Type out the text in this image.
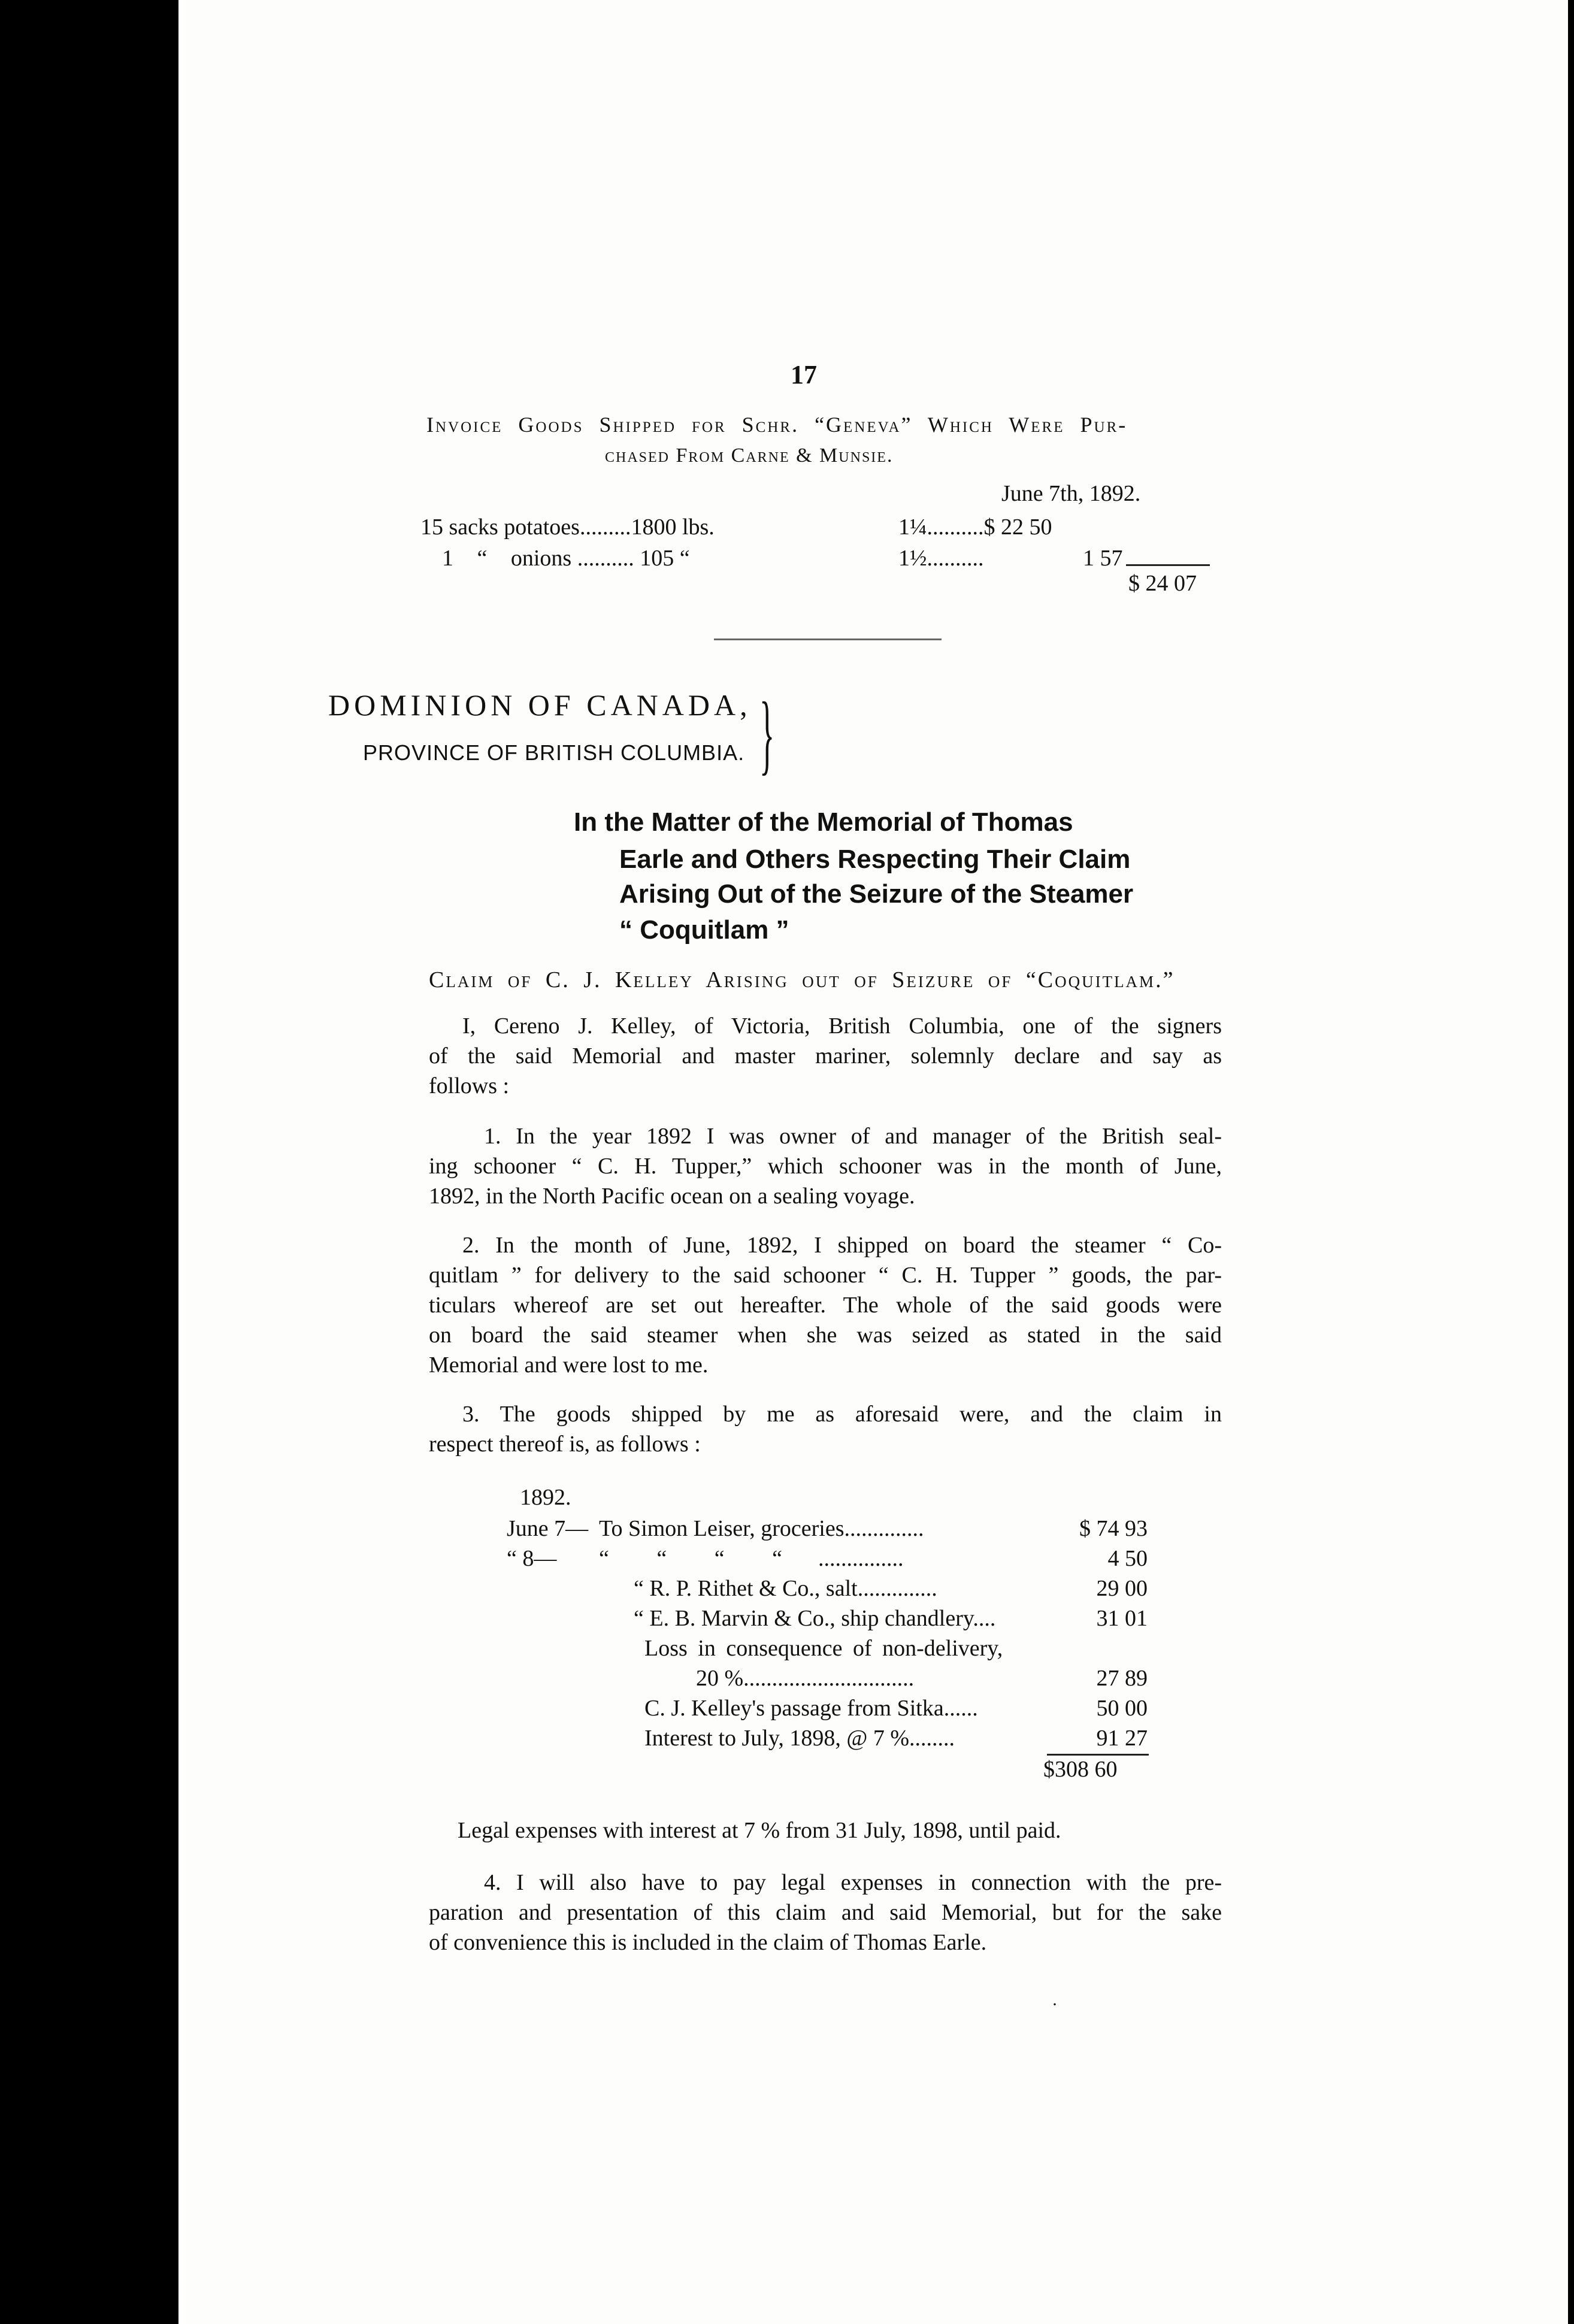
17
Invoice Goods Shipped for Schr. “Geneva” Which Were Pur-
chased From Carne & Munsie.
June 7th, 1892.
15 sacks potatoes.........1800 lbs.	1¼..........$ 22 50
1 “ onions .......... 105 “	1½..........	1 57
$ 24 07
DOMINION OF CANADA,
PROVINCE OF BRITISH COLUMBIA. }
In the Matter of the Memorial of Thomas
Earle and Others Respecting Their Claim
Arising Out of the Seizure of the Steamer
“ Coquitlam ”
Claim of C. J. Kelley Arising out of Seizure of “Coquitlam.”
I, Cereno J. Kelley, of Victoria, British Columbia, one of the signers
of the said Memorial and master mariner, solemnly declare and say as
follows :
1. In the year 1892 I was owner of and manager of the British seal-
ing schooner “ C. H. Tupper,” which schooner was in the month of June,
1892, in the North Pacific ocean on a sealing voyage.
2. In the month of June, 1892, I shipped on board the steamer “ Co-
quitlam ” for delivery to the said schooner “ C. H. Tupper ” goods, the par-
ticulars whereof are set out hereafter. The whole of the said goods were
on board the said steamer when she was seized as stated in the said
Memorial and were lost to me.
3. The goods shipped by me as aforesaid were, and the claim in
respect thereof is, as follows :
1892.
June 7— To Simon Leiser, groceries..............	$ 74 93
“ 8— “ “ “ “ ...............	4 50
“ R. P. Rithet & Co., salt..............	29 00
“ E. B. Marvin & Co., ship chandlery....	31 01
Loss in consequence of non-delivery,
20 %..............................	27 89
C. J. Kelley's passage from Sitka......	50 00
Interest to July, 1898, @ 7 %........	91 27
$308 60
Legal expenses with interest at 7 % from 31 July, 1898, until paid.
4. I will also have to pay legal expenses in connection with the pre-
paration and presentation of this claim and said Memorial, but for the sake
of convenience this is included in the claim of Thomas Earle.
·
